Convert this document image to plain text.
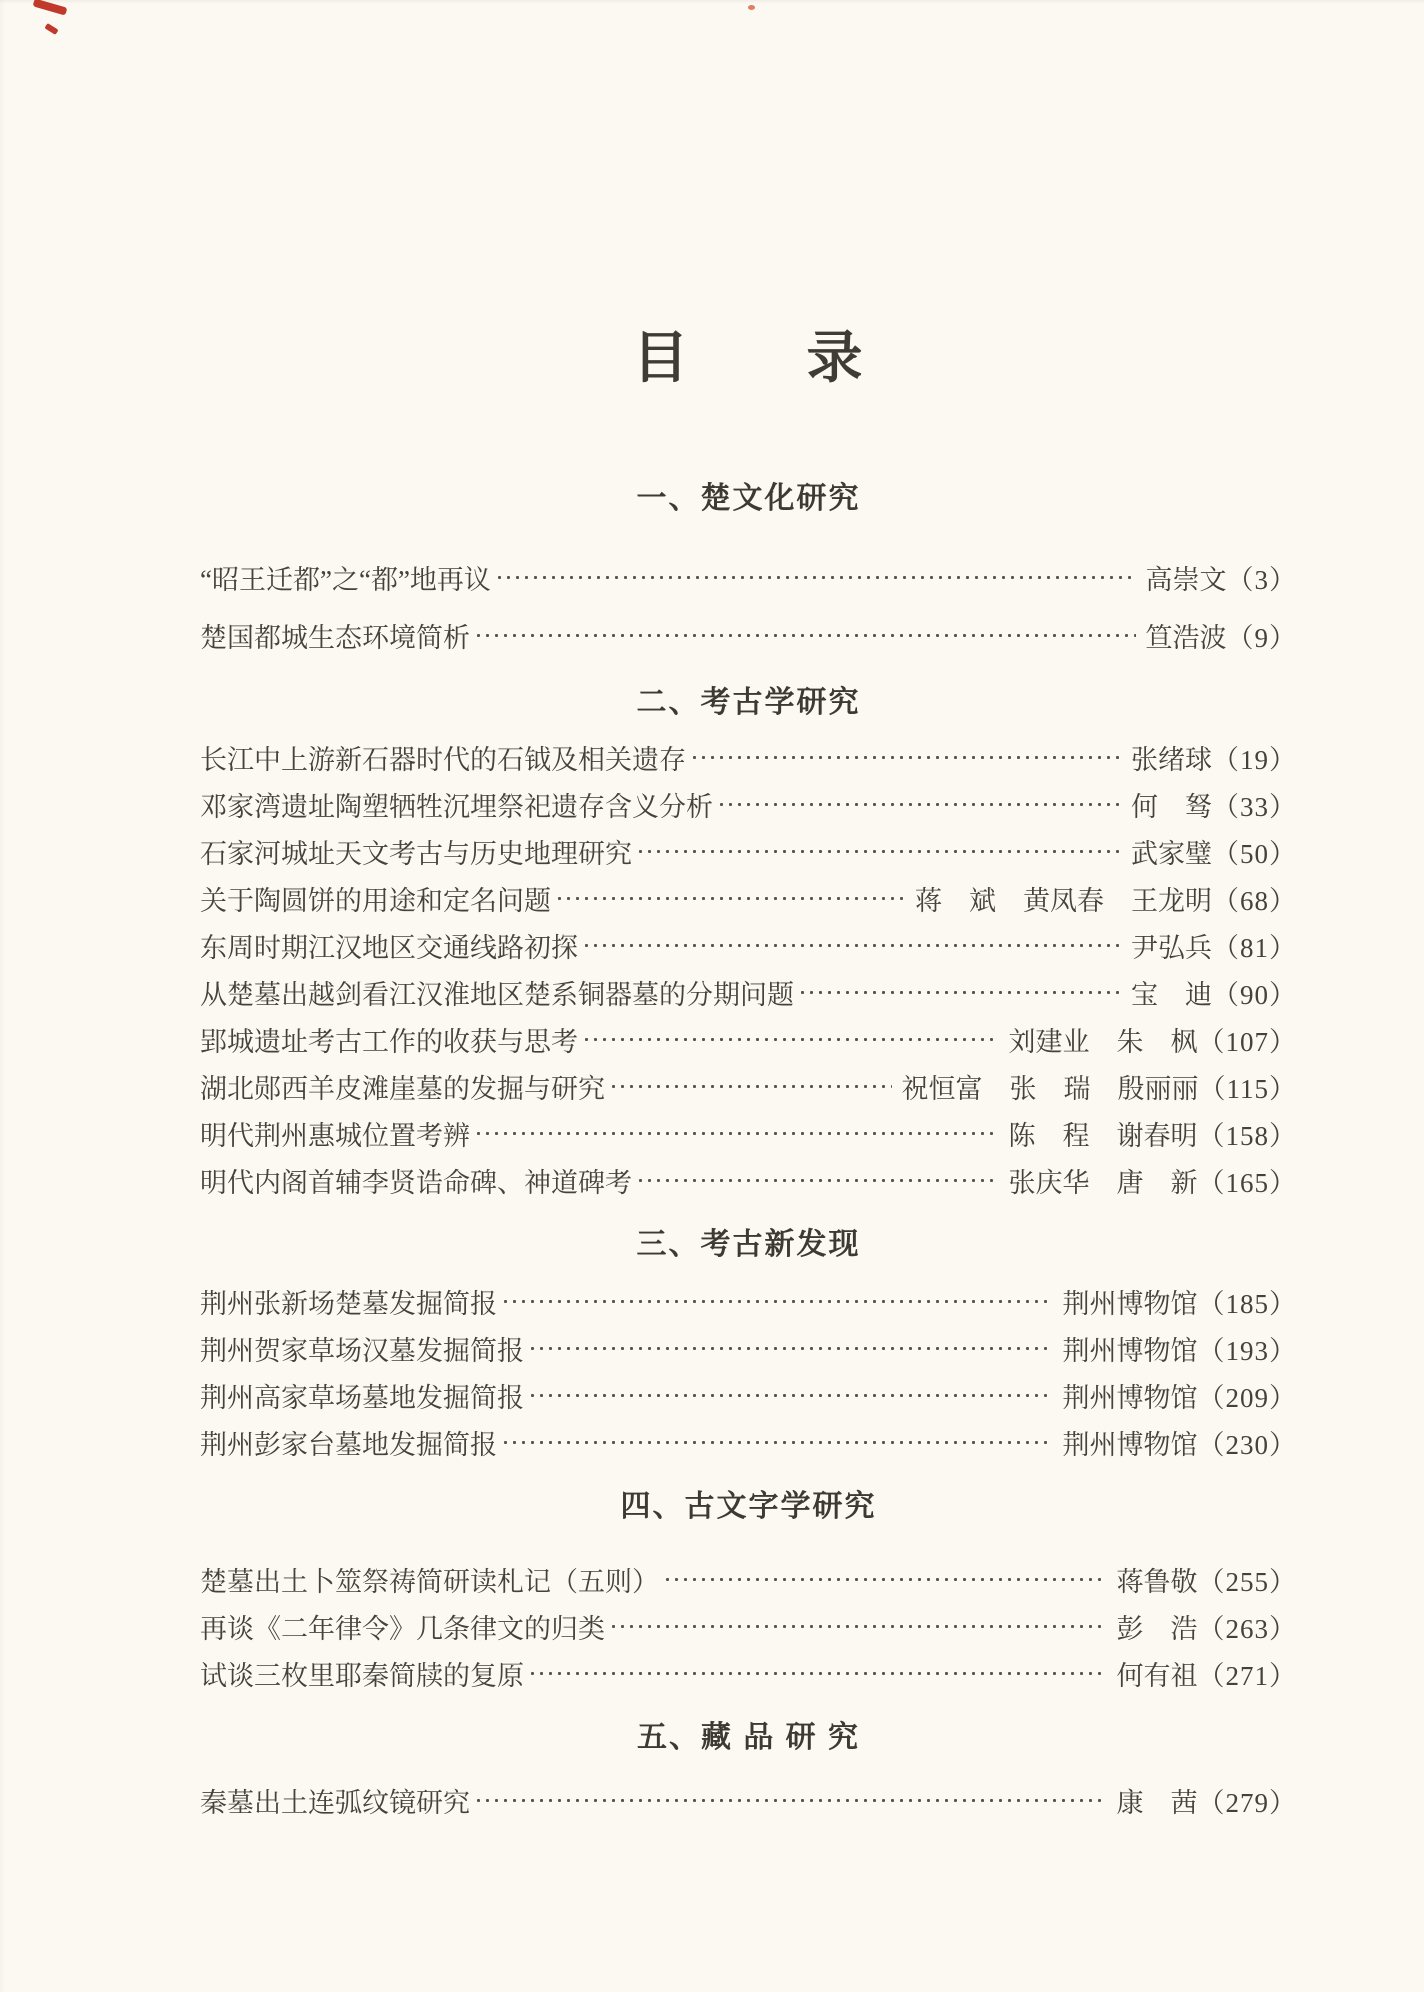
目　　录
一、楚文化研究
“昭王迁都”之“都”地再议	高崇文 （3）
楚国都城生态环境简析	笪浩波 （9）
二、考古学研究
长江中上游新石器时代的石钺及相关遗存	张绪球 （19）
邓家湾遗址陶塑牺牲沉埋祭祀遗存含义分析	何　驽 （33）
石家河城址天文考古与历史地理研究	武家璧 （50）
关于陶圆饼的用途和定名问题	蒋　斌　黄凤春　王龙明 （68）
东周时期江汉地区交通线路初探	尹弘兵 （81）
从楚墓出越剑看江汉淮地区楚系铜器墓的分期问题	宝　迪 （90）
郢城遗址考古工作的收获与思考	刘建业　朱　枫 （107）
湖北郧西羊皮滩崖墓的发掘与研究	祝恒富　张　瑞　殷丽丽 （115）
明代荆州惠城位置考辨	陈　程　谢春明 （158）
明代内阁首辅李贤诰命碑、神道碑考	张庆华　唐　新 （165）
三、考古新发现
荆州张新场楚墓发掘简报	荆州博物馆 （185）
荆州贺家草场汉墓发掘简报	荆州博物馆 （193）
荆州高家草场墓地发掘简报	荆州博物馆 （209）
荆州彭家台墓地发掘简报	荆州博物馆 （230）
四、古文字学研究
楚墓出土卜筮祭祷简研读札记（五则）	蒋鲁敬 （255）
再谈《二年律令》几条律文的归类	彭　浩 （263）
试谈三枚里耶秦简牍的复原	何有祖 （271）
五、藏 品 研 究
秦墓出土连弧纹镜研究	康　茜 （279）
